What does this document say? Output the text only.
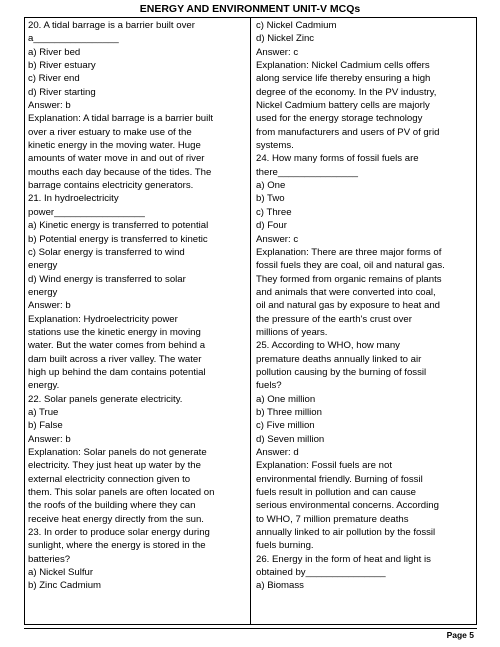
ENERGY AND ENVIRONMENT UNIT-V MCQs

20. A tidal barrage is a barrier built over

a________________

a) River bed

b) River estuary

c) River end

d) River starting

Answer: b

Explanation: A tidal barrage is a barrier built

over a river estuary to make use of the

kinetic energy in the moving water. Huge

amounts of water move in and out of river

mouths each day because of the tides. The

barrage contains electricity generators.

21. In hydroelectricity

power_________________

a) Kinetic energy is transferred to potential

b) Potential energy is transferred to kinetic

c) Solar energy is transferred to wind

energy

d) Wind energy is transferred to solar

energy

Answer: b

Explanation: Hydroelectricity power

stations use the kinetic energy in moving

water. But the water comes from behind a

dam built across a river valley. The water

high up behind the dam contains potential

energy.

22. Solar panels generate electricity.

a) True

b) False

Answer: b

Explanation: Solar panels do not generate

electricity. They just heat up water by the

external electricity connection given to

them. This solar panels are often located on

the roofs of the building where they can

receive heat energy directly from the sun.

23. In order to produce solar energy during

sunlight, where the energy is stored in the

batteries?

a) Nickel Sulfur

b) Zinc Cadmium

c) Nickel Cadmium

d) Nickel Zinc

Answer: c

Explanation: Nickel Cadmium cells offers

along service life thereby ensuring a high

degree of the economy. In the PV industry,

Nickel Cadmium battery cells are majorly

used for the energy storage technology

from manufacturers and users of PV of grid

systems.

24. How many forms of fossil fuels are

there_______________

a) One

b) Two

c) Three

d) Four

Answer: c

Explanation: There are three major forms of

fossil fuels they are coal, oil and natural gas.

They formed from organic remains of plants

and animals that were converted into coal,

oil and natural gas by exposure to heat and

the pressure of the earth's crust over

millions of years.

25. According to WHO, how many

premature deaths annually linked to air

pollution causing by the burning of fossil

fuels?

a) One million

b) Three million

c) Five million

d) Seven million

Answer: d

Explanation: Fossil fuels are not

environmental friendly. Burning of fossil

fuels result in pollution and can cause

serious environmental concerns. According

to WHO, 7 million premature deaths

annually linked to air pollution by the fossil

fuels burning.

26. Energy in the form of heat and light is

obtained by_______________

a) Biomass

Page 5
